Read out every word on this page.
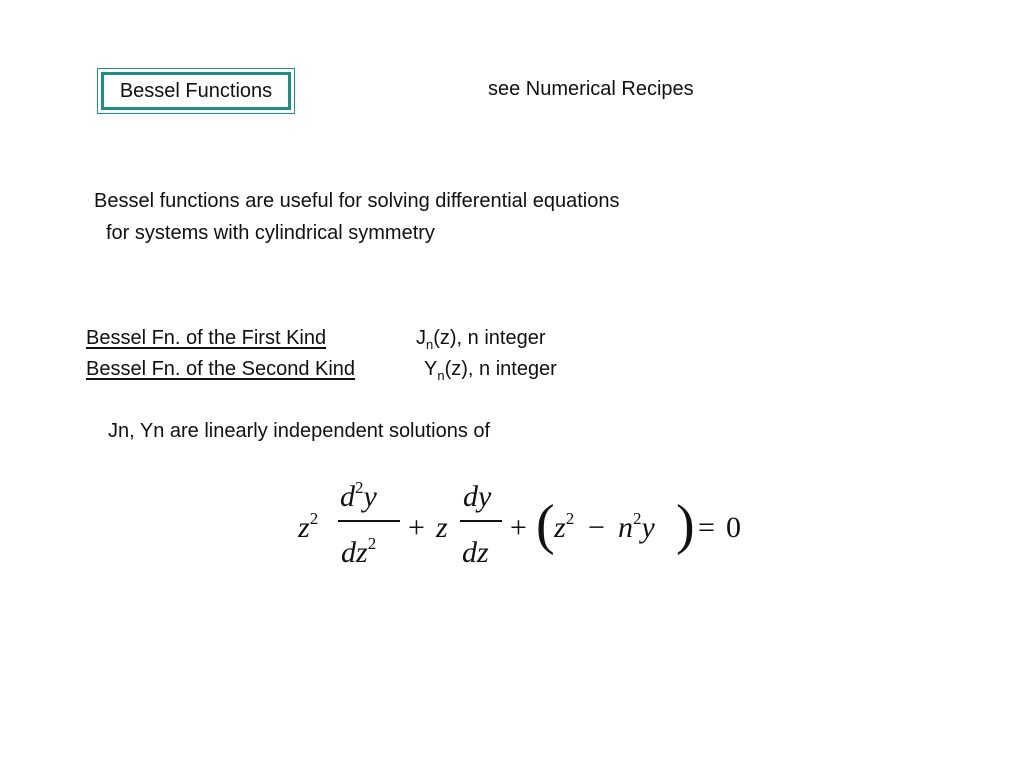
Bessel Functions	see Numerical Recipes
Bessel functions are useful for solving differential equations
for systems with cylindrical symmetry
Bessel Fn. of the First Kind	$J_n(z)$, n integer
Bessel Fn. of the Second Kind	$Y_n(z)$, n integer
Jn, Yn are linearly independent solutions of
$z^2$
$d^2y$
$dz^2 + z$
dy
dz
+ ( $z^2 - n^2y$ ) = 0
